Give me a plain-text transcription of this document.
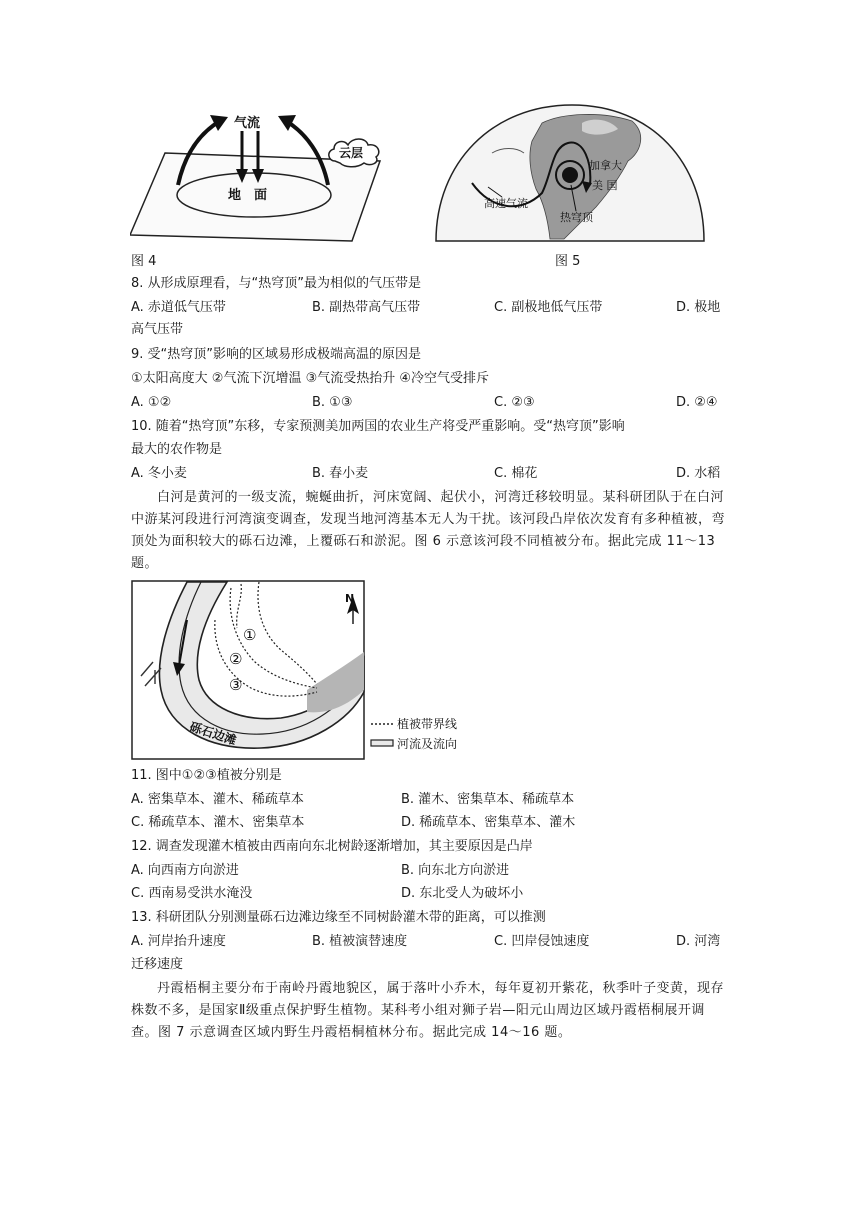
气流
云层
地　面
图 4
加拿大
美 国
高速气流
热穹顶
图 5
8. 从形成原理看，与“热穹顶”最为相似的气压带是
A. 赤道低气压带	B. 副热带高气压带	C. 副极地低气压带	D. 极地
高气压带
9. 受“热穹顶”影响的区域易形成极端高温的原因是
①太阳高度大 ②气流下沉增温 ③气流受热抬升 ④冷空气受排斥
A. ①②	B. ①③	C. ②③	D. ②④
10. 随着“热穹顶”东移，专家预测美加两国的农业生产将受严重影响。受“热穹顶”影响
最大的农作物是
A. 冬小麦	B. 春小麦	C. 棉花	D. 水稻
白河是黄河的一级支流，蜿蜒曲折，河床宽阔、起伏小，河湾迁移较明显。某科研团队于在白河中游某河段进行河湾演变调查，发现当地河湾基本无人为干扰。该河段凸岸依次发育有多种植被，弯顶处为面积较大的砾石边滩，上覆砾石和淤泥。图 6 示意该河段不同植被分布。据此完成 11～13 题。
N
①
②
③
砾石边滩	植被带界线
河流及流向
11. 图中①②③植被分别是
A. 密集草本、灌木、稀疏草本	B. 灌木、密集草本、稀疏草本
C. 稀疏草本、灌木、密集草本	D. 稀疏草本、密集草本、灌木
12. 调查发现灌木植被由西南向东北树龄逐渐增加，其主要原因是凸岸
A. 向西南方向淤进	B. 向东北方向淤进
C. 西南易受洪水淹没	D. 东北受人为破坏小
13. 科研团队分别测量砾石边滩边缘至不同树龄灌木带的距离，可以推测
A. 河岸抬升速度	B. 植被演替速度	C. 凹岸侵蚀速度	D. 河湾
迁移速度
丹霞梧桐主要分布于南岭丹霞地貌区，属于落叶小乔木，每年夏初开紫花，秋季叶子变黄，现存株数不多，是国家Ⅱ级重点保护野生植物。某科考小组对狮子岩—阳元山周边区域丹霞梧桐展开调查。图 7 示意调查区域内野生丹霞梧桐植林分布。据此完成 14～16 题。
